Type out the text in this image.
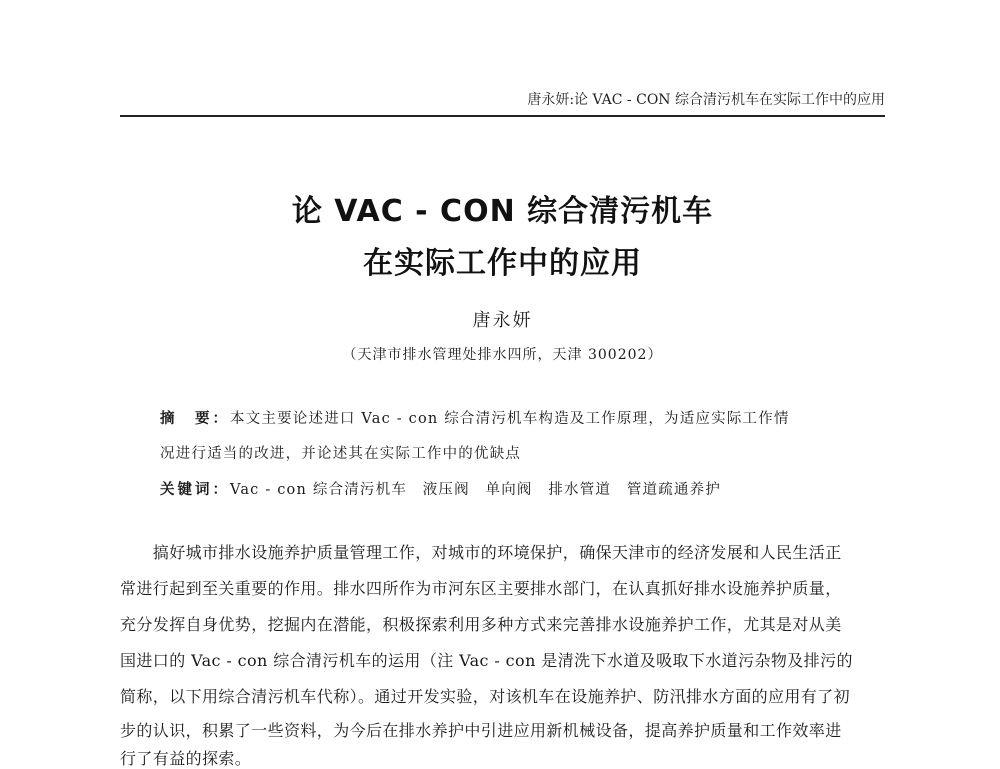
唐永妍:论 VAC - CON 综合清污机车在实际工作中的应用
论 VAC - CON 综合清污机车
在实际工作中的应用
唐永妍
（天津市排水管理处排水四所，天津 300202）
摘　要：本文主要论述进口 Vac - con 综合清污机车构造及工作原理，为适应实际工作情
况进行适当的改进，并论述其在实际工作中的优缺点
关键词：Vac - con 综合清污机车　液压阀　单向阀　排水管道　管道疏通养护
　　搞好城市排水设施养护质量管理工作，对城市的环境保护，确保天津市的经济发展和人民生活正
常进行起到至关重要的作用。排水四所作为市河东区主要排水部门，在认真抓好排水设施养护质量，
充分发挥自身优势，挖掘内在潜能，积极探索利用多种方式来完善排水设施养护工作，尤其是对从美
国进口的 Vac - con 综合清污机车的运用（注 Vac - con 是清洗下水道及吸取下水道污杂物及排污的
简称，以下用综合清污机车代称）。通过开发实验，对该机车在设施养护、防汛排水方面的应用有了初
步的认识，积累了一些资料，为今后在排水养护中引进应用新机械设备，提高养护质量和工作效率进
行了有益的探索。
